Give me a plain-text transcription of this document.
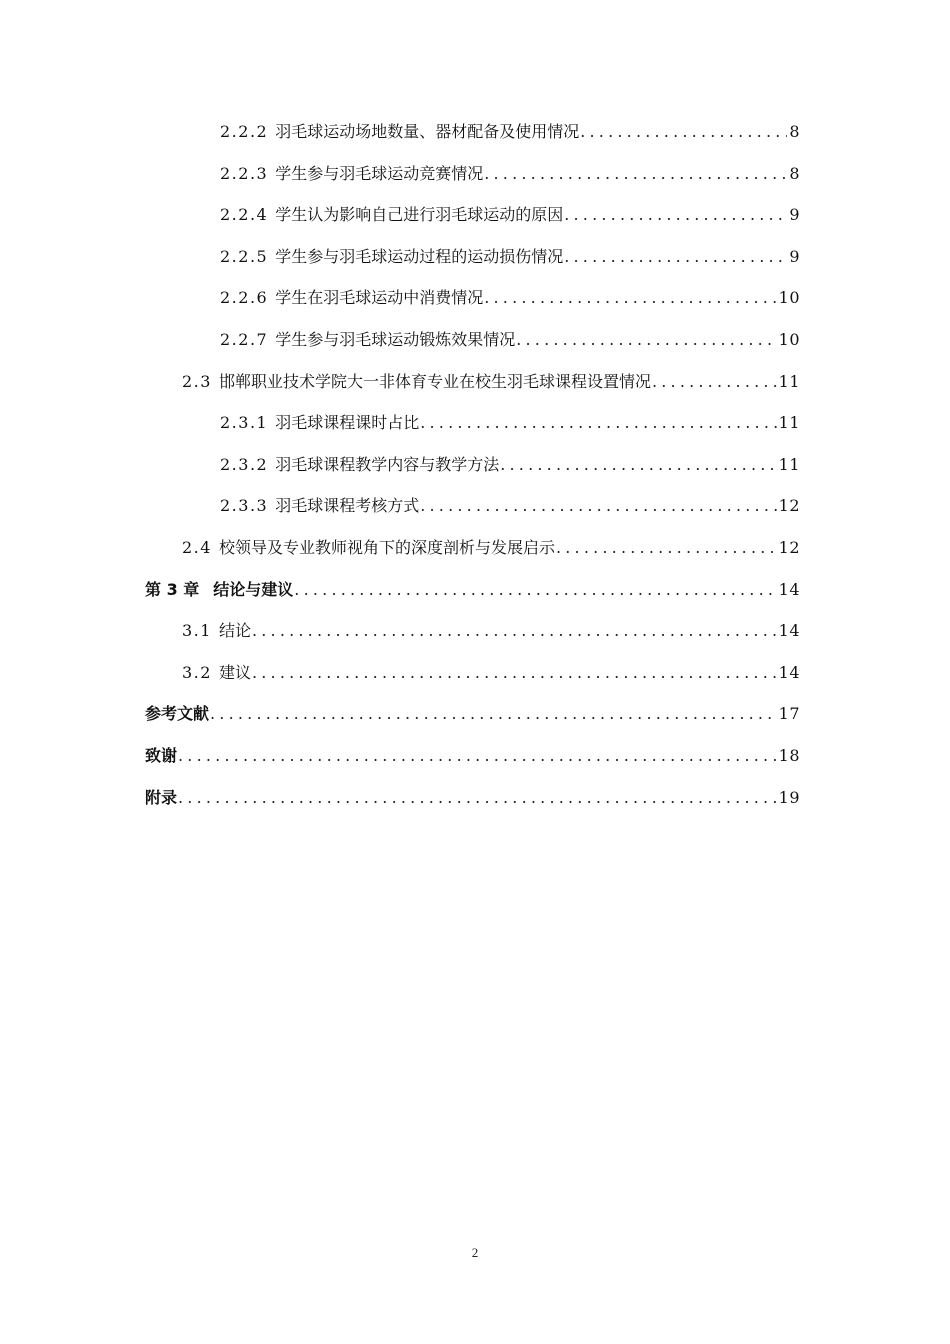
2.2.2 羽毛球运动场地数量、器材配备及使用情况 .....	8
2.2.3 学生参与羽毛球运动竞赛情况 .....	8
2.2.4 学生认为影响自己进行羽毛球运动的原因 .....	9
2.2.5 学生参与羽毛球运动过程的运动损伤情况 .....	9
2.2.6 学生在羽毛球运动中消费情况 .....	10
2.2.7 学生参与羽毛球运动锻炼效果情况 .....	10
2.3 邯郸职业技术学院大一非体育专业在校生羽毛球课程设置情况 .....	11
2.3.1 羽毛球课程课时占比 .....	11
2.3.2 羽毛球课程教学内容与教学方法 .....	11
2.3.3 羽毛球课程考核方式 .....	12
2.4 校领导及专业教师视角下的深度剖析与发展启示 .....	12
第 3 章 结论与建议 .....	14
3.1 结论 .....	14
3.2 建议 .....	14
参考文献 .....	17
致谢 .....	18
附录 .....	19
2
